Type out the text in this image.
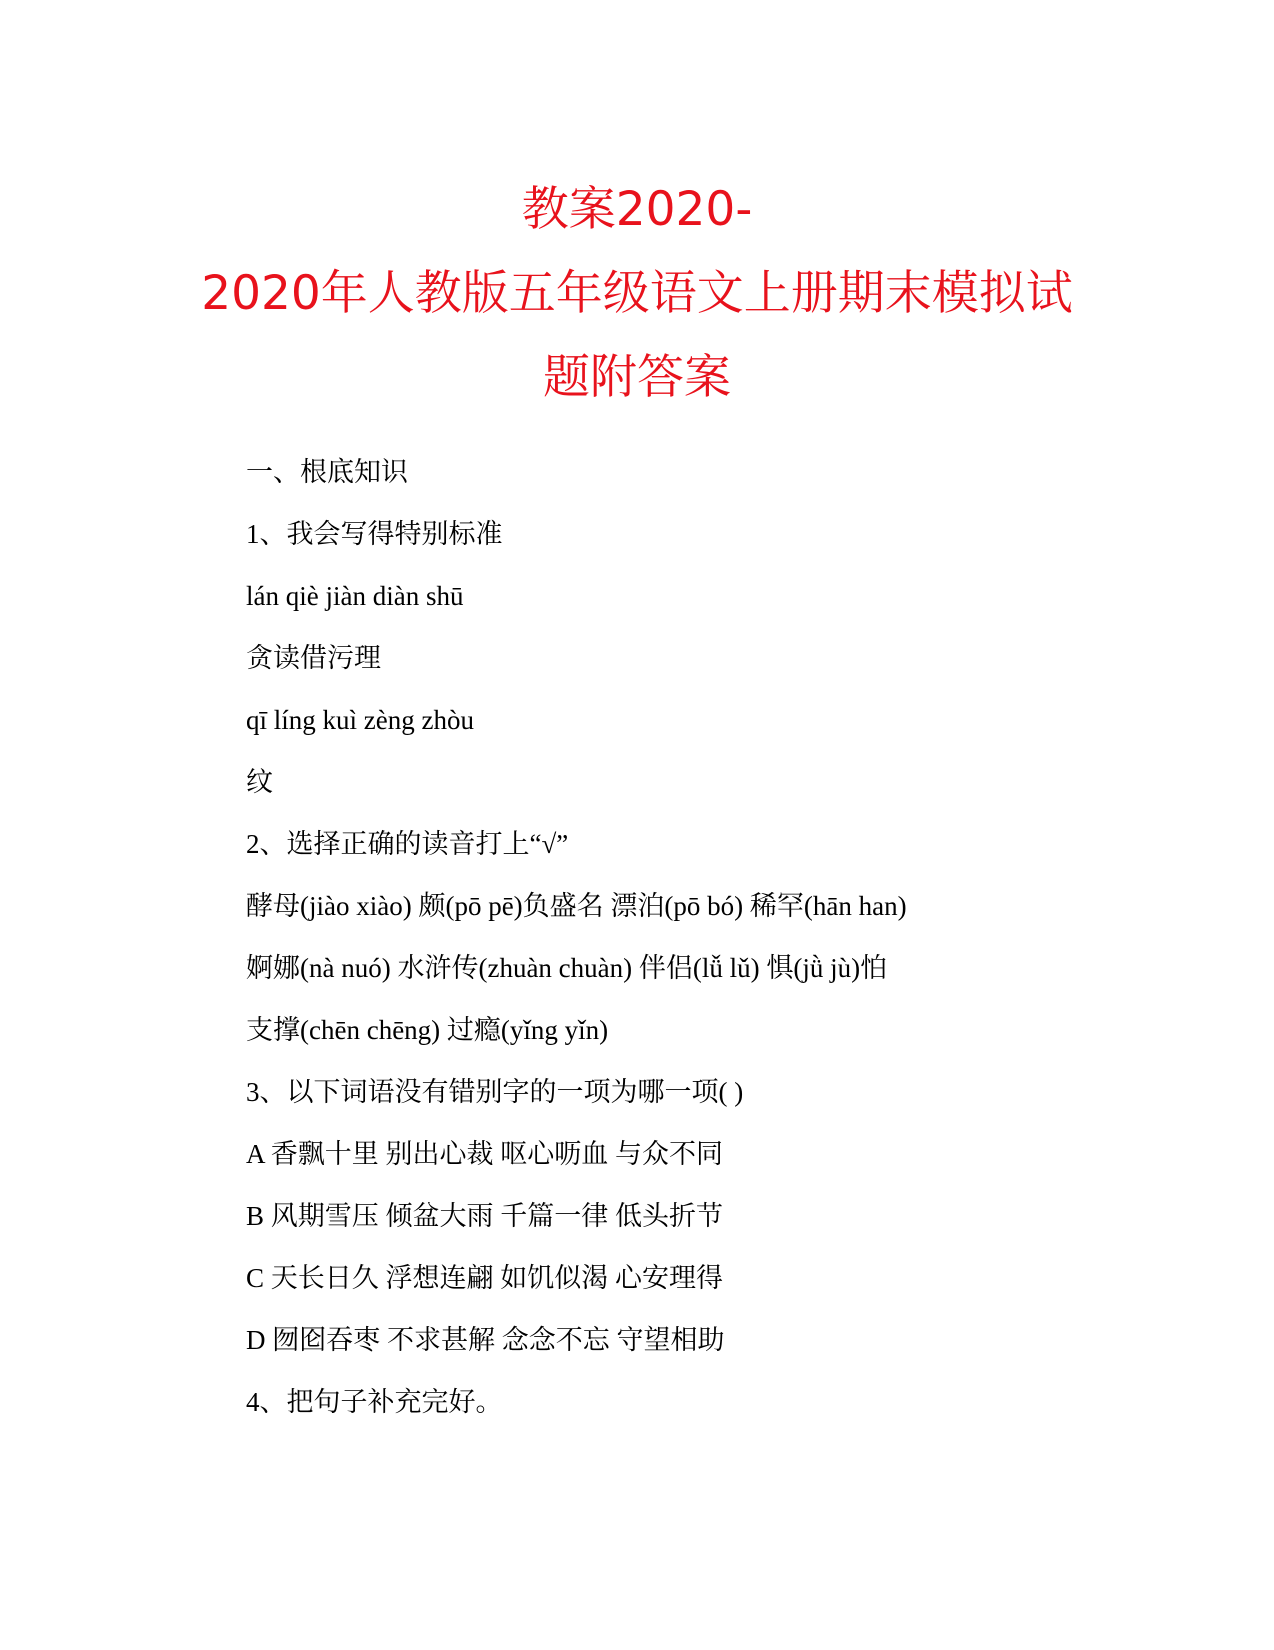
教案2020-
2020年人教版五年级语文上册期末模拟试
题附答案
一、根底知识
1、我会写得特别标准
lán qiè jiàn diàn shū
贪读借污理
qī líng kuì zèng zhòu
纹
2、选择正确的读音打上“√”
酵母(jiào xiào) 颇(pō pē)负盛名 漂泊(pō bó) 稀罕(hān han)
婀娜(nà nuó) 水浒传(zhuàn chuàn) 伴侣(lǚ lǔ) 惧(jǜ jù)怕
支撑(chēn chēng) 过瘾(yǐng yǐn)
3、以下词语没有错别字的一项为哪一项( )
A 香飘十里 别出心裁 呕心呖血 与众不同
B 风期雪压 倾盆大雨 千篇一律 低头折节
C 天长日久 浮想连翩 如饥似渴 心安理得
D 囫囵吞枣 不求甚解 念念不忘 守望相助
4、把句子补充完好。
